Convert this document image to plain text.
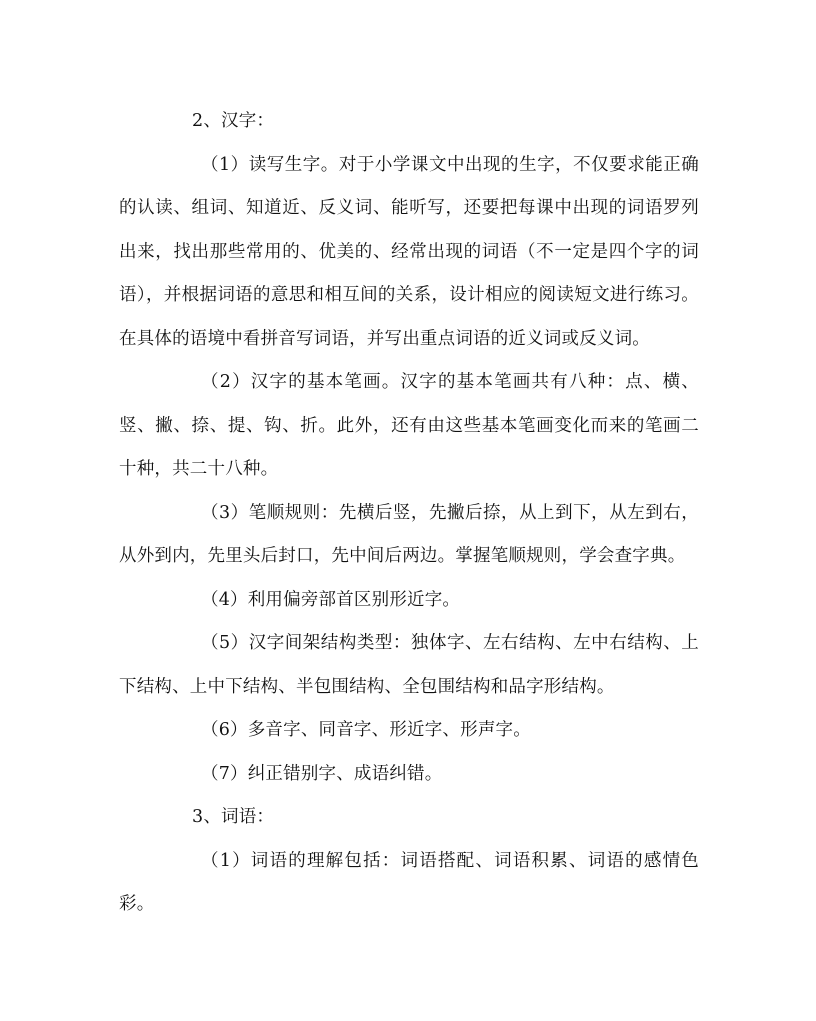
2、汉字：

（1）读写生字。对于小学课文中出现的生字，不仅要求能正确的认读、组词、知道近、反义词、能听写，还要把每课中出现的词语罗列出来，找出那些常用的、优美的、经常出现的词语（不一定是四个字的词语），并根据词语的意思和相互间的关系，设计相应的阅读短文进行练习。在具体的语境中看拼音写词语，并写出重点词语的近义词或反义词。

（2）汉字的基本笔画。汉字的基本笔画共有八种：点、横、竖、撇、捺、提、钩、折。此外，还有由这些基本笔画变化而来的笔画二十种，共二十八种。

（3）笔顺规则：先横后竖，先撇后捺，从上到下，从左到右，从外到内，先里头后封口，先中间后两边。掌握笔顺规则，学会查字典。

（4）利用偏旁部首区别形近字。

（5）汉字间架结构类型：独体字、左右结构、左中右结构、上下结构、上中下结构、半包围结构、全包围结构和品字形结构。

（6）多音字、同音字、形近字、形声字。

（7）纠正错别字、成语纠错。

3、词语：

（1）词语的理解包括：词语搭配、词语积累、词语的感情色彩。
